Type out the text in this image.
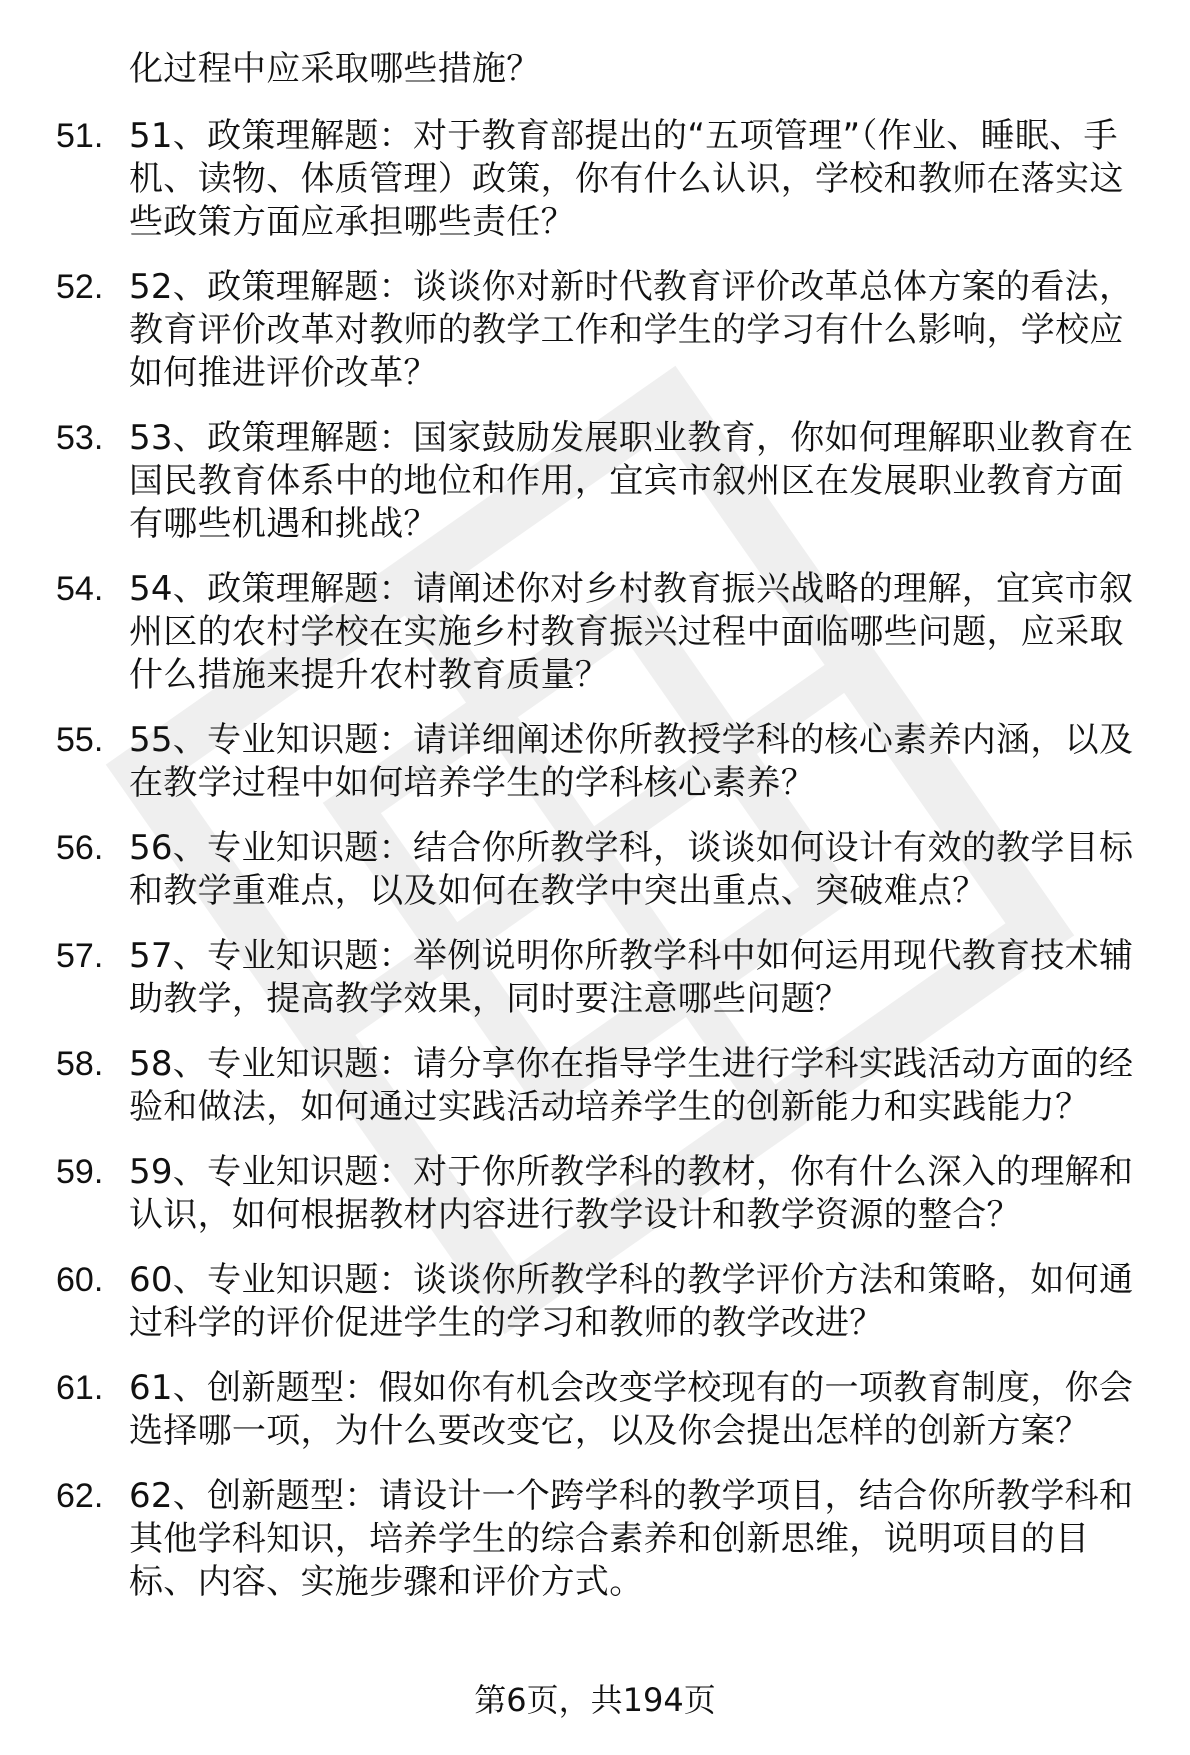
化过程中应采取哪些措施？
51. 51、政策理解题：对于教育部提出的“五项管理”（作业、睡眠、手机、读物、体质管理）政策，你有什么认识，学校和教师在落实这些政策方面应承担哪些责任？
52. 52、政策理解题：谈谈你对新时代教育评价改革总体方案的看法，教育评价改革对教师的教学工作和学生的学习有什么影响，学校应如何推进评价改革？
53. 53、政策理解题：国家鼓励发展职业教育，你如何理解职业教育在国民教育体系中的地位和作用，宜宾市叙州区在发展职业教育方面有哪些机遇和挑战？
54. 54、政策理解题：请阐述你对乡村教育振兴战略的理解，宜宾市叙州区的农村学校在实施乡村教育振兴过程中面临哪些问题，应采取什么措施来提升农村教育质量？
55. 55、专业知识题：请详细阐述你所教授学科的核心素养内涵，以及在教学过程中如何培养学生的学科核心素养？
56. 56、专业知识题：结合你所教学科，谈谈如何设计有效的教学目标和教学重难点，以及如何在教学中突出重点、突破难点？
57. 57、专业知识题：举例说明你所教学科中如何运用现代教育技术辅助教学，提高教学效果，同时要注意哪些问题？
58. 58、专业知识题：请分享你在指导学生进行学科实践活动方面的经验和做法，如何通过实践活动培养学生的创新能力和实践能力？
59. 59、专业知识题：对于你所教学科的教材，你有什么深入的理解和认识，如何根据教材内容进行教学设计和教学资源的整合？
60. 60、专业知识题：谈谈你所教学科的教学评价方法和策略，如何通过科学的评价促进学生的学习和教师的教学改进？
61. 61、创新题型：假如你有机会改变学校现有的一项教育制度，你会选择哪一项，为什么要改变它，以及你会提出怎样的创新方案？
62. 62、创新题型：请设计一个跨学科的教学项目，结合你所教学科和其他学科知识，培养学生的综合素养和创新思维，说明项目的目标、内容、实施步骤和评价方式。
第6页，共194页
